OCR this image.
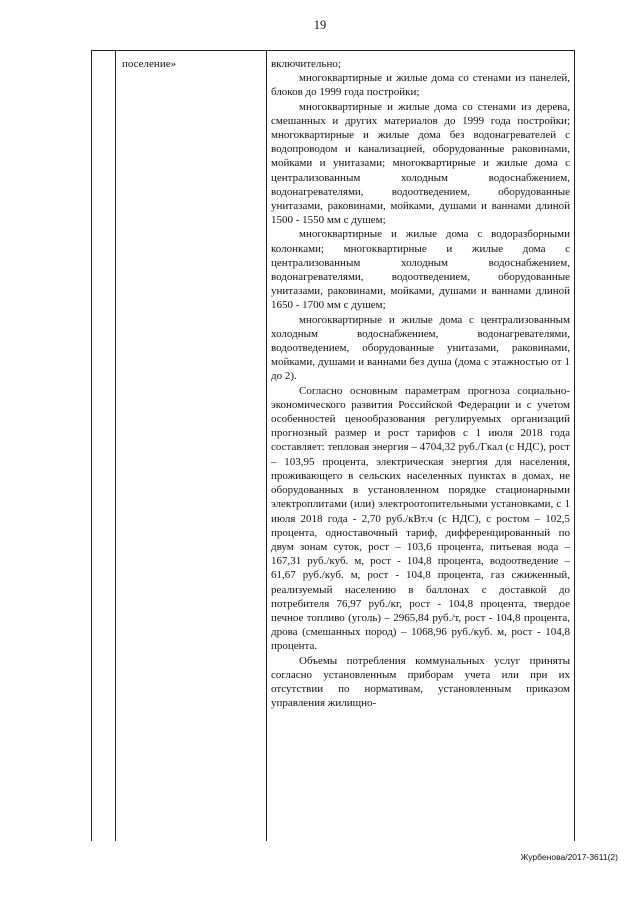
19
поселение»	включительно;

многоквартирные и жилые дома со стенами из панелей, блоков до 1999 года постройки;

многоквартирные и жилые дома со стенами из дерева, смешанных и других материалов до 1999 года постройки; многоквартирные и жилые дома без водонагревателей с водопроводом и канализацией, оборудованные раковинами, мойками и унитазами; многоквартирные и жилые дома с централизованным холодным водоснабжением, водонагревателями, водоотведением, оборудованные унитазами, раковинами, мойками, душами и ваннами длиной 1500 - 1550 мм с душем;

многоквартирные и жилые дома с водоразборными колонками; многоквартирные и жилые дома с централизованным холодным водоснабжением, водонагревателями, водоотведением, оборудованные унитазами, раковинами, мойками, душами и ваннами длиной 1650 - 1700 мм с душем;

многоквартирные и жилые дома с централизованным холодным водоснабжением, водонагревателями, водоотведением, оборудованные унитазами, раковинами, мойками, душами и ваннами без душа (дома с этажностью от 1 до 2).

Согласно основным параметрам прогноза социально-экономического развития Российской Федерации и с учетом особенностей ценообразования регулируемых организаций прогнозный размер и рост тарифов с 1 июля 2018 года составляет: тепловая энергия – 4704,32 руб./Гкал (с НДС), рост – 103,95 процента, электрическая энергия для населения, проживающего в сельских населенных пунктах в домах, не оборудованных в установленном порядке стационарными электроплитами (или) электроотопительными установками, с 1 июля 2018 года - 2,70 руб./кВт.ч (с НДС), с ростом – 102,5 процента, одноставочный тариф, дифференцированный по двум зонам суток, рост – 103,6 процента, питьевая вода – 167,31 руб./куб. м, рост - 104,8 процента, водоотведение – 61,67 руб./куб. м, рост - 104,8 процента, газ сжиженный, реализуемый населению в баллонах с доставкой до потребителя 76,97 руб./кг, рост - 104,8 процента, твердое печное топливо (уголь) – 2965,84 руб./т, рост - 104,8 процента, дрова (смешанных пород) – 1068,96 руб./куб. м, рост - 104,8 процента.

Объемы потребления коммунальных услуг приняты согласно установленным приборам учета или при их отсутствии по нормативам, установленным приказом управления жилищно-

Журбенова/2017-3611(2)
